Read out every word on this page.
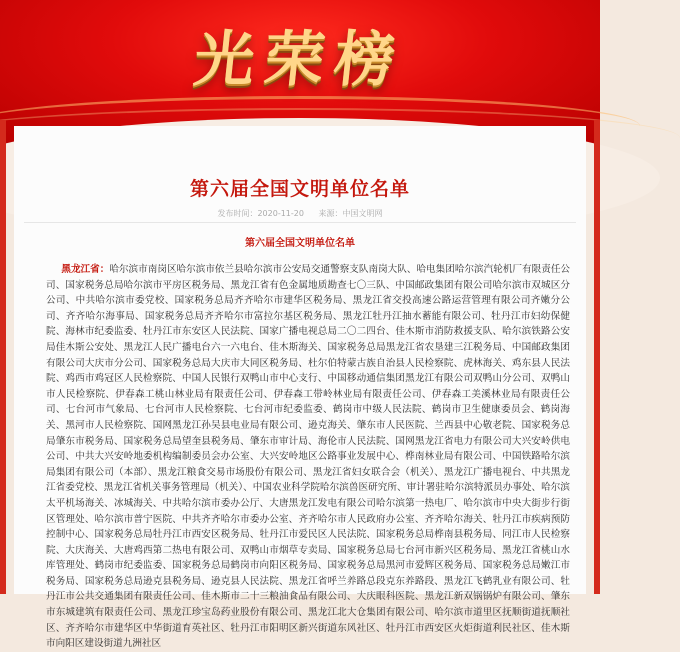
光荣榜
第六届全国文明单位名单
发布时间：2020-11-20 来源：中国文明网
第六届全国文明单位名单

黑龙江省：哈尔滨市南岗区哈尔滨市依兰县哈尔滨市公安局交通警察支队南岗大队、哈电集团哈尔滨汽轮机厂有限责任公司、国家税务总局哈尔滨市平房区税务局、黑龙江省有色金属地质勘查七〇三队、中国邮政集团有限公司哈尔滨市双城区分公司、中共哈尔滨市委党校、国家税务总局齐齐哈尔市建华区税务局、黑龙江省交投高速公路运营管理有限公司齐嫩分公司、齐齐哈尔海事局、国家税务总局齐齐哈尔市富拉尔基区税务局、黑龙江牡丹江抽水蓄能有限公司、牡丹江市妇幼保健院、海林市纪委监委、牡丹江市东安区人民法院、国家广播电视总局二〇二四台、佳木斯市消防救援支队、哈尔滨铁路公安局佳木斯公安处、黑龙江人民广播电台六一六电台、佳木斯海关、国家税务总局黑龙江省农垦建三江税务局、中国邮政集团有限公司大庆市分公司、国家税务总局大庆市大同区税务局、杜尔伯特蒙古族自治县人民检察院、虎林海关、鸡东县人民法院、鸡西市鸡冠区人民检察院、中国人民银行双鸭山市中心支行、中国移动通信集团黑龙江有限公司双鸭山分公司、双鸭山市人民检察院、伊春森工桃山林业局有限责任公司、伊春森工带岭林业局有限责任公司、伊春森工美溪林业局有限责任公司、七台河市气象局、七台河市人民检察院、七台河市纪委监委、鹤岗市中级人民法院、鹤岗市卫生健康委员会、鹤岗海关、黑河市人民检察院、国网黑龙江孙吴县电业局有限公司、逊克海关、肇东市人民医院、兰西县中心敬老院、国家税务总局肇东市税务局、国家税务总局望奎县税务局、肇东市审计局、海伦市人民法院、国网黑龙江省电力有限公司大兴安岭供电公司、中共大兴安岭地委机构编制委员会办公室、大兴安岭地区公路事业发展中心、桦南林业局有限公司、中国铁路哈尔滨局集团有限公司（本部）、黑龙江粮食交易市场股份有限公司、黑龙江省妇女联合会（机关）、黑龙江广播电视台、中共黑龙江省委党校、黑龙江省机关事务管理局（机关）、中国农业科学院哈尔滨兽医研究所、审计署驻哈尔滨特派员办事处、哈尔滨太平机场海关、冰城海关、中共哈尔滨市委办公厅、大唐黑龙江发电有限公司哈尔滨第一热电厂、哈尔滨市中央大街步行街区管理处、哈尔滨市普宁医院、中共齐齐哈尔市委办公室、齐齐哈尔市人民政府办公室、齐齐哈尔海关、牡丹江市疾病预防控制中心、国家税务总局牡丹江市西安区税务局、牡丹江市爱民区人民法院、国家税务总局桦南县税务局、同江市人民检察院、大庆海关、大唐鸡西第二热电有限公司、双鸭山市烟草专卖局、国家税务总局七台河市新兴区税务局、黑龙江省桃山水库管理处、鹤岗市纪委监委、国家税务总局鹤岗市向阳区税务局、国家税务总局黑河市爱辉区税务局、国家税务总局嫩江市税务局、国家税务总局逊克县税务局、逊克县人民法院、黑龙江省呼兰养路总段克东养路段、黑龙江飞鹤乳业有限公司、牡丹江市公共交通集团有限责任公司、佳木斯市二十三粮油食品有限公司、大庆眼科医院、黑龙江新双锅锅炉有限公司、肇东市东城建筑有限责任公司、黑龙江珍宝岛药业股份有限公司、黑龙江北大仓集团有限公司、哈尔滨市道里区抚顺街道抚顺社区、齐齐哈尔市建华区中华街道育英社区、牡丹江市阳明区新兴街道东风社区、牡丹江市西安区火炬街道利民社区、佳木斯市向阳区建设街道九洲社区
